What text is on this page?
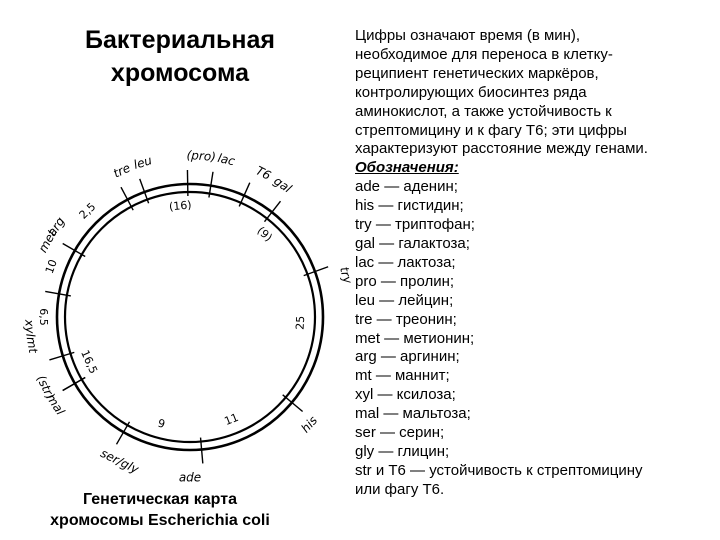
Бактериальная
хромосома
tre leu	(pro) lac
T6
gal
try
met
arg
mt
xyl
mal
(str)
his
ade
ser/gly
(16)
(9)
25
11
9
16,5
6,5
10
2,5
Генетическая карта
хромосомы Escherichia coli
Цифры означают время (в мин),
необходимое для переноса в клетку-
реципиент генетических маркёров,
контролирующих биосинтез ряда
аминокислот, а также устойчивость к
стрептомицину и к фагу Т6; эти цифры
характеризуют расстояние между генами.
Обозначения:
ade — аденин;
his — гистидин;
try — триптофан;
gal — галактоза;
lac — лактоза;
pro — пролин;
leu — лейцин;
tre — треонин;
met — метионин;
arg — аргинин;
mt — маннит;
xyl — ксилоза;
mal — мальтоза;
ser — серин;
gly — глицин;
str и T6 — устойчивость к стрептомицину
или фагу Т6.
